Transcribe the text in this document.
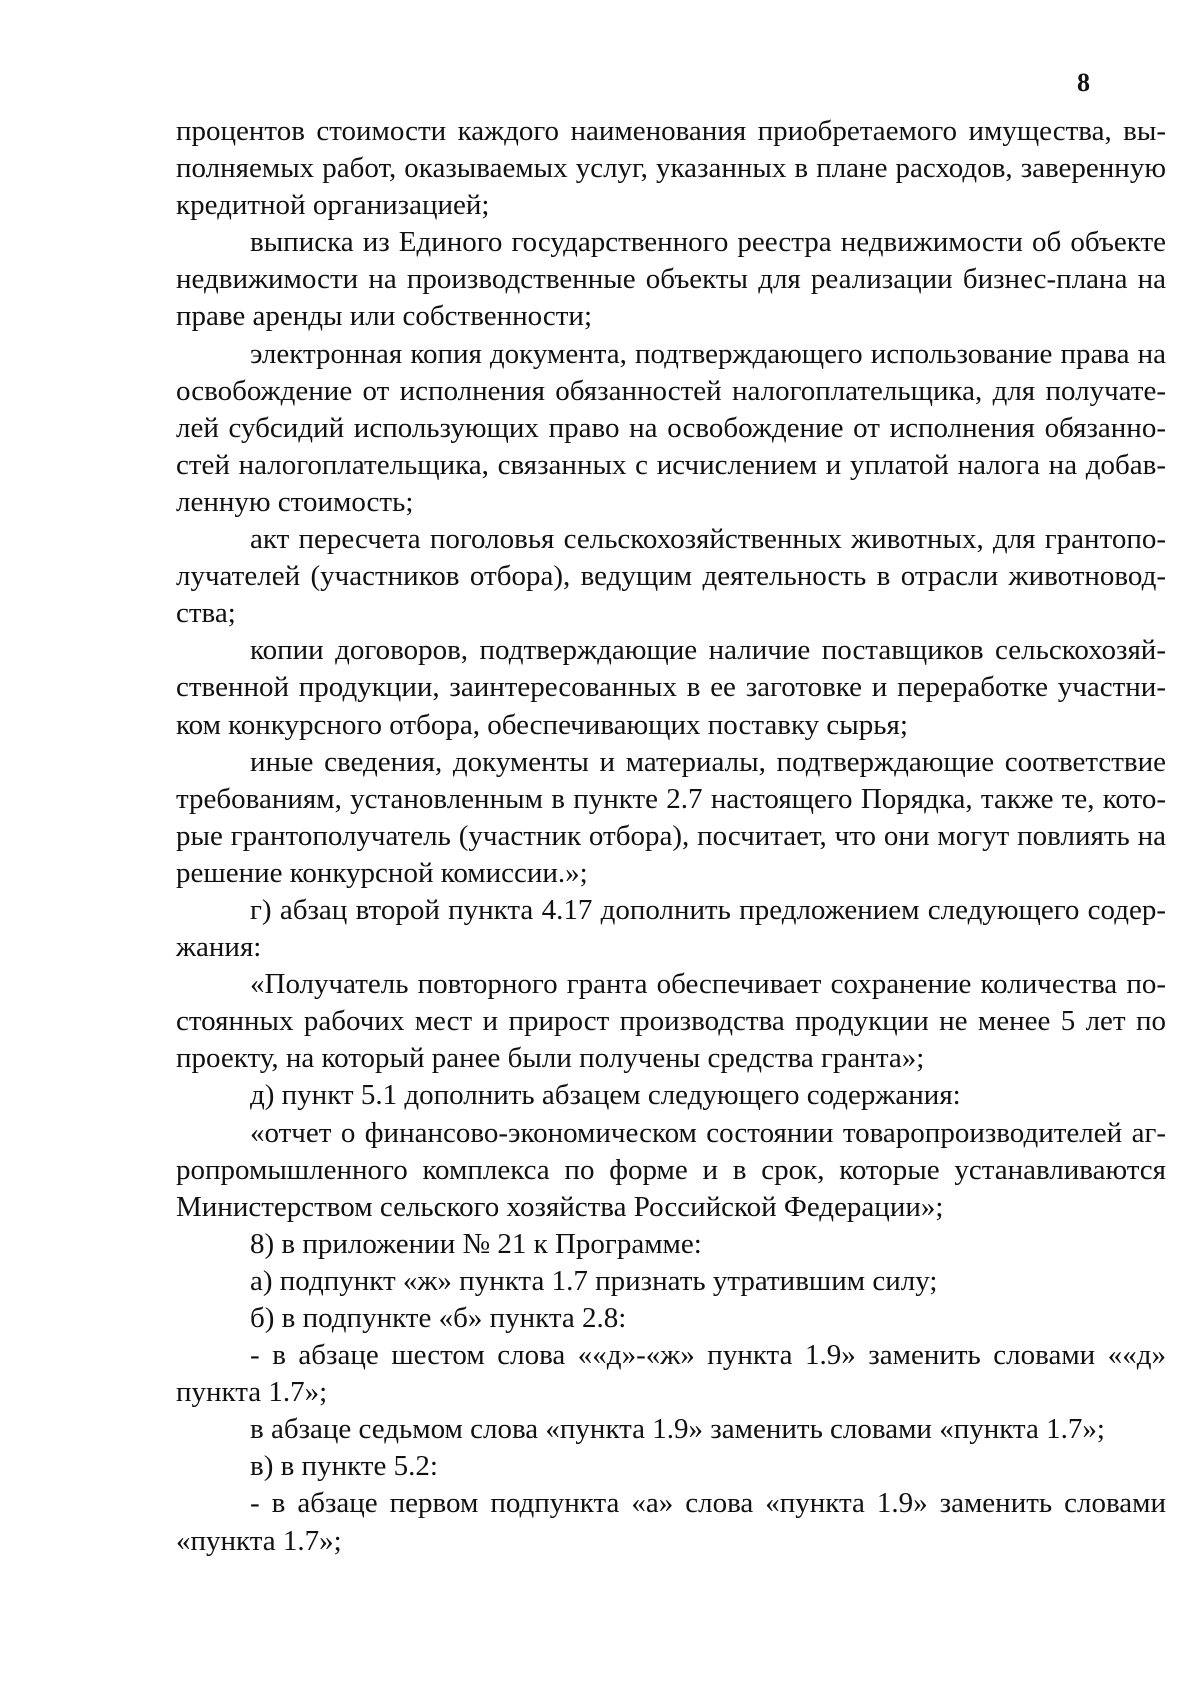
8
процентов стоимости каждого наименования приобретаемого имущества, вы-
полняемых работ, оказываемых услуг, указанных в плане расходов, заверенную
кредитной организацией;
выписка из Единого государственного реестра недвижимости об объекте
недвижимости на производственные объекты для реализации бизнес-плана на
праве аренды или собственности;
электронная копия документа, подтверждающего использование права на
освобождение от исполнения обязанностей налогоплательщика, для получате-
лей субсидий использующих право на освобождение от исполнения обязанно-
стей налогоплательщика, связанных с исчислением и уплатой налога на добав-
ленную стоимость;
акт пересчета поголовья сельскохозяйственных животных, для грантопо-
лучателей (участников отбора), ведущим деятельность в отрасли животновод-
ства;
копии договоров, подтверждающие наличие поставщиков сельскохозяй-
ственной продукции, заинтересованных в ее заготовке и переработке участни-
ком конкурсного отбора, обеспечивающих поставку сырья;
иные сведения, документы и материалы, подтверждающие соответствие
требованиям, установленным в пункте 2.7 настоящего Порядка, также те, кото-
рые грантополучатель (участник отбора), посчитает, что они могут повлиять на
решение конкурсной комиссии.»;
г) абзац второй пункта 4.17 дополнить предложением следующего содер-
жания:
«Получатель повторного гранта обеспечивает сохранение количества по-
стоянных рабочих мест и прирост производства продукции не менее 5 лет по
проекту, на который ранее были получены средства гранта»;
д) пункт 5.1 дополнить абзацем следующего содержания:
«отчет о финансово-экономическом состоянии товаропроизводителей аг-
ропромышленного комплекса по форме и в срок, которые устанавливаются
Министерством сельского хозяйства Российской Федерации»;
8) в приложении № 21 к Программе:
а) подпункт «ж» пункта 1.7 признать утратившим силу;
б) в подпункте «б» пункта 2.8:
- в абзаце шестом слова ««д»-«ж» пункта 1.9» заменить словами ««д»
пункта 1.7»;
в абзаце седьмом слова «пункта 1.9» заменить словами «пункта 1.7»;
в) в пункте 5.2:
- в абзаце первом подпункта «а» слова «пункта 1.9» заменить словами
«пункта 1.7»;
